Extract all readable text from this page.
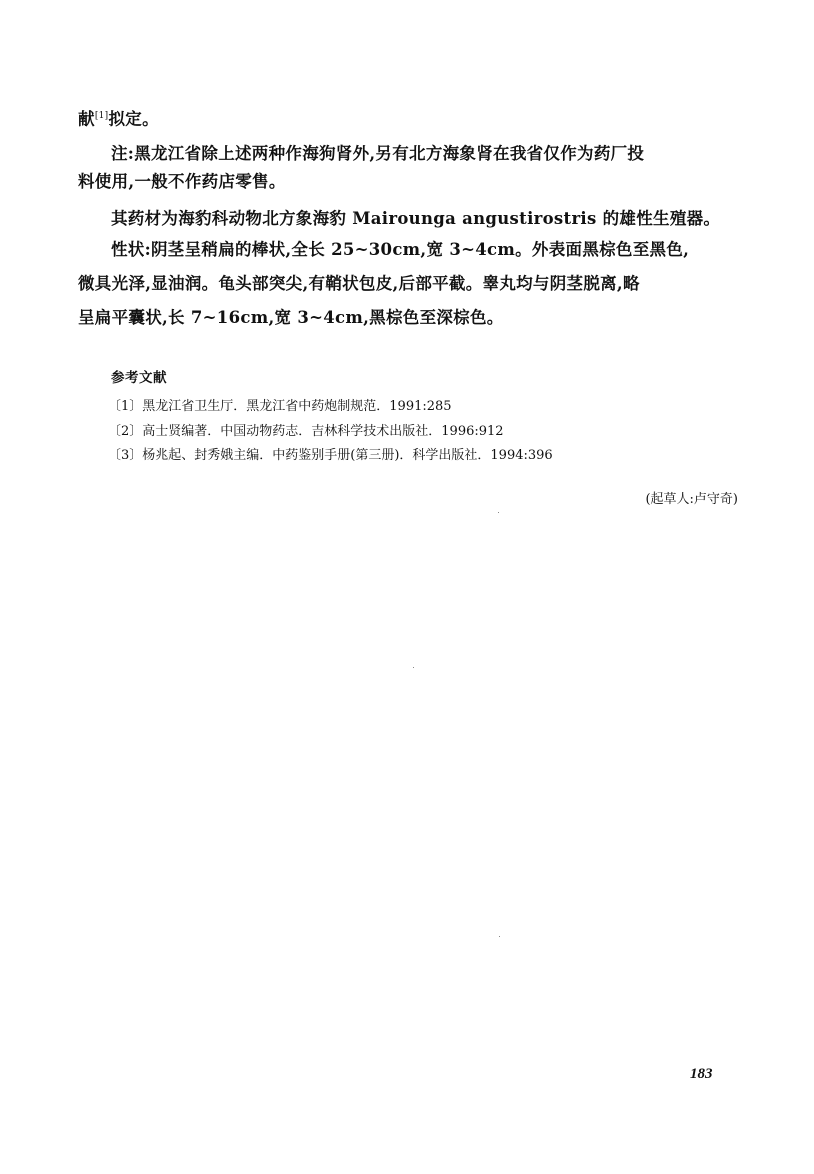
献[1]拟定。

注:黑龙江省除上述两种作海狗肾外,另有北方海象肾在我省仅作为药厂投
料使用,一般不作药店零售。

其药材为海豹科动物北方象海豹 Mairounga angustirostris 的雄性生殖器。

性状:阴茎呈稍扁的棒状,全长 25~30cm,宽 3~4cm。外表面黑棕色至黑色,
微具光泽,显油润。龟头部突尖,有鞘状包皮,后部平截。睾丸均与阴茎脱离,略
呈扁平囊状,长 7~16cm,宽 3~4cm,黑棕色至深棕色。

参考文献
〔1〕黑龙江省卫生厅．黑龙江省中药炮制规范．1991:285
〔2〕高士贤编著．中国动物药志．吉林科学技术出版社．1996:912
〔3〕杨兆起、封秀娥主编．中药鉴别手册(第三册)．科学出版社．1994:396
(起草人:卢守奇)
183
